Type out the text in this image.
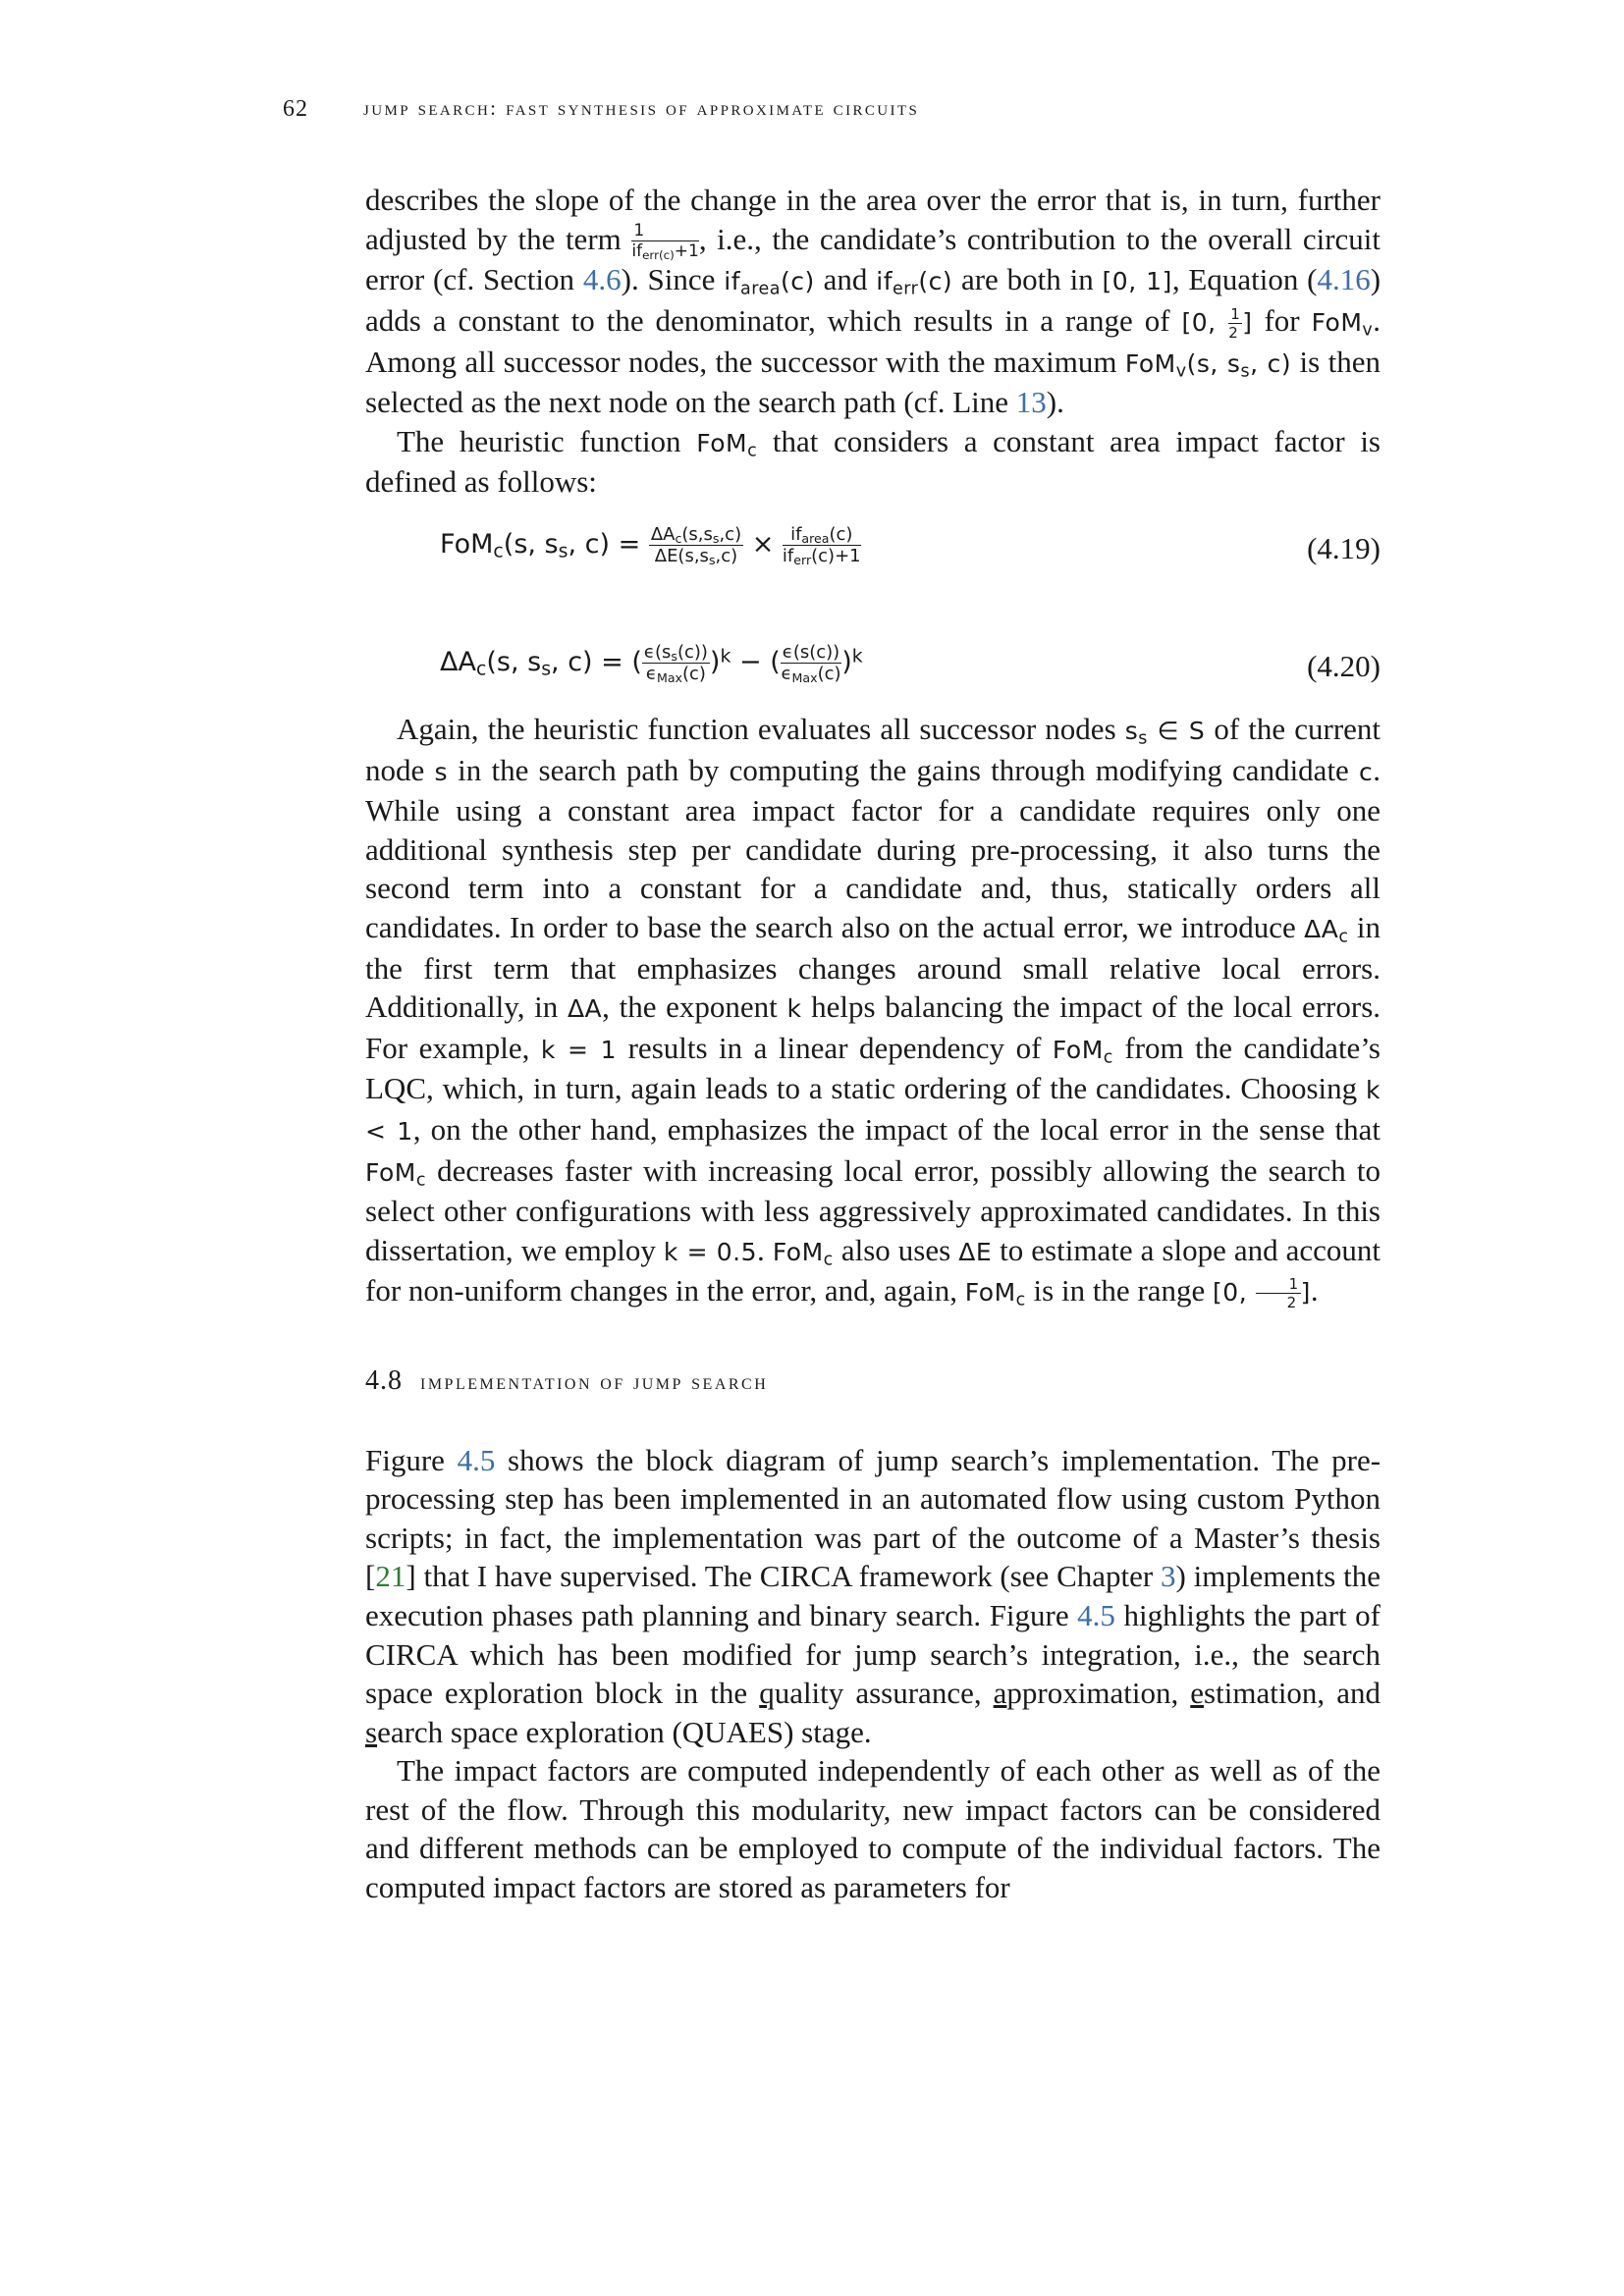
62	jump search: fast synthesis of approximate circuits

describes the slope of the change in the area over the error that is, in turn, further adjusted by the term $\frac{1}{if_{err(c)}+1}$ , i.e., the candidate’s contribution to the overall circuit error (cf. Section 4.6). Since $if_{area}(c)$ and $if_{err}(c)$ are both in [0, 1], Equation (4.16) adds a constant to the denominator, which results in a range of [0, $\frac{1}{2}$ ] for FoM$_v$. Among all successor nodes, the successor with the maximum FoM$_v$(s, $s_s$, c) is then selected as the next node on the search path (cf. Line 13).

The heuristic function FoM$_c$ that considers a constant area impact factor is defined as follows:

FoM$_c$(s, $s_s$, $c) = \frac{\Delta A_c(s,s_s,c)}{\Delta E(s,s_s,c)} \times \frac{if_{area}(c)}{if_{err}(c)+1}$	(4.19)
$\Delta A_c(s$, $s_s$, c) = ( $\frac{\epsilon(s_s(c))}{\epsilon_{Max}(c)} )^k$ − ( $\frac{\epsilon(s(c))}{\epsilon_{Max}(c)} )^k$	(4.20)

Again, the heuristic function evaluates all successor nodes $s_s$ ∈ S of the current node s in the search path by computing the gains through modifying candidate c. While using a constant area impact factor for a candidate requires only one additional synthesis step per candidate during pre-processing, it also turns the second term into a constant for a candidate and, thus, statically orders all candidates. In order to base the search also on the actual error, we introduce $\Delta A_c$ in the first term that emphasizes changes around small relative local errors. Additionally, in ΔA, the exponent k helps balancing the impact of the local errors. For example, k = 1 results in a linear dependency of FoM$_c$ from the candidate’s LQC, which, in turn, again leads to a static ordering of the candidates. Choosing k < 1, on the other hand, emphasizes the impact of the local error in the sense that FoM$_c$ decreases faster with increasing local error, possibly allowing the search to select other configurations with less aggressively approximated candidates. In this dissertation, we employ k = 0.5. FoM$_c$ also uses ΔE to estimate a slope and account for non-uniform changes in the error, and, again, FoM$_c$ is in the range [0, $\frac{1}{2}$ ].

4.8 implementation of jump search

Figure 4.5 shows the block diagram of jump search’s implementation. The pre-processing step has been implemented in an automated flow using custom Python scripts; in fact, the implementation was part of the outcome of a Master’s thesis [21] that I have supervised. The CIRCA framework (see Chapter 3) implements the execution phases path planning and binary search. Figure 4.5 highlights the part of CIRCA which has been modified for jump search’s integration, i.e., the search space exploration block in the quality assurance, approximation, estimation, and search space exploration (QUAES) stage.

The impact factors are computed independently of each other as well as of the rest of the flow. Through this modularity, new impact factors can be considered and different methods can be employed to compute of the individual factors. The computed impact factors are stored as parameters for
